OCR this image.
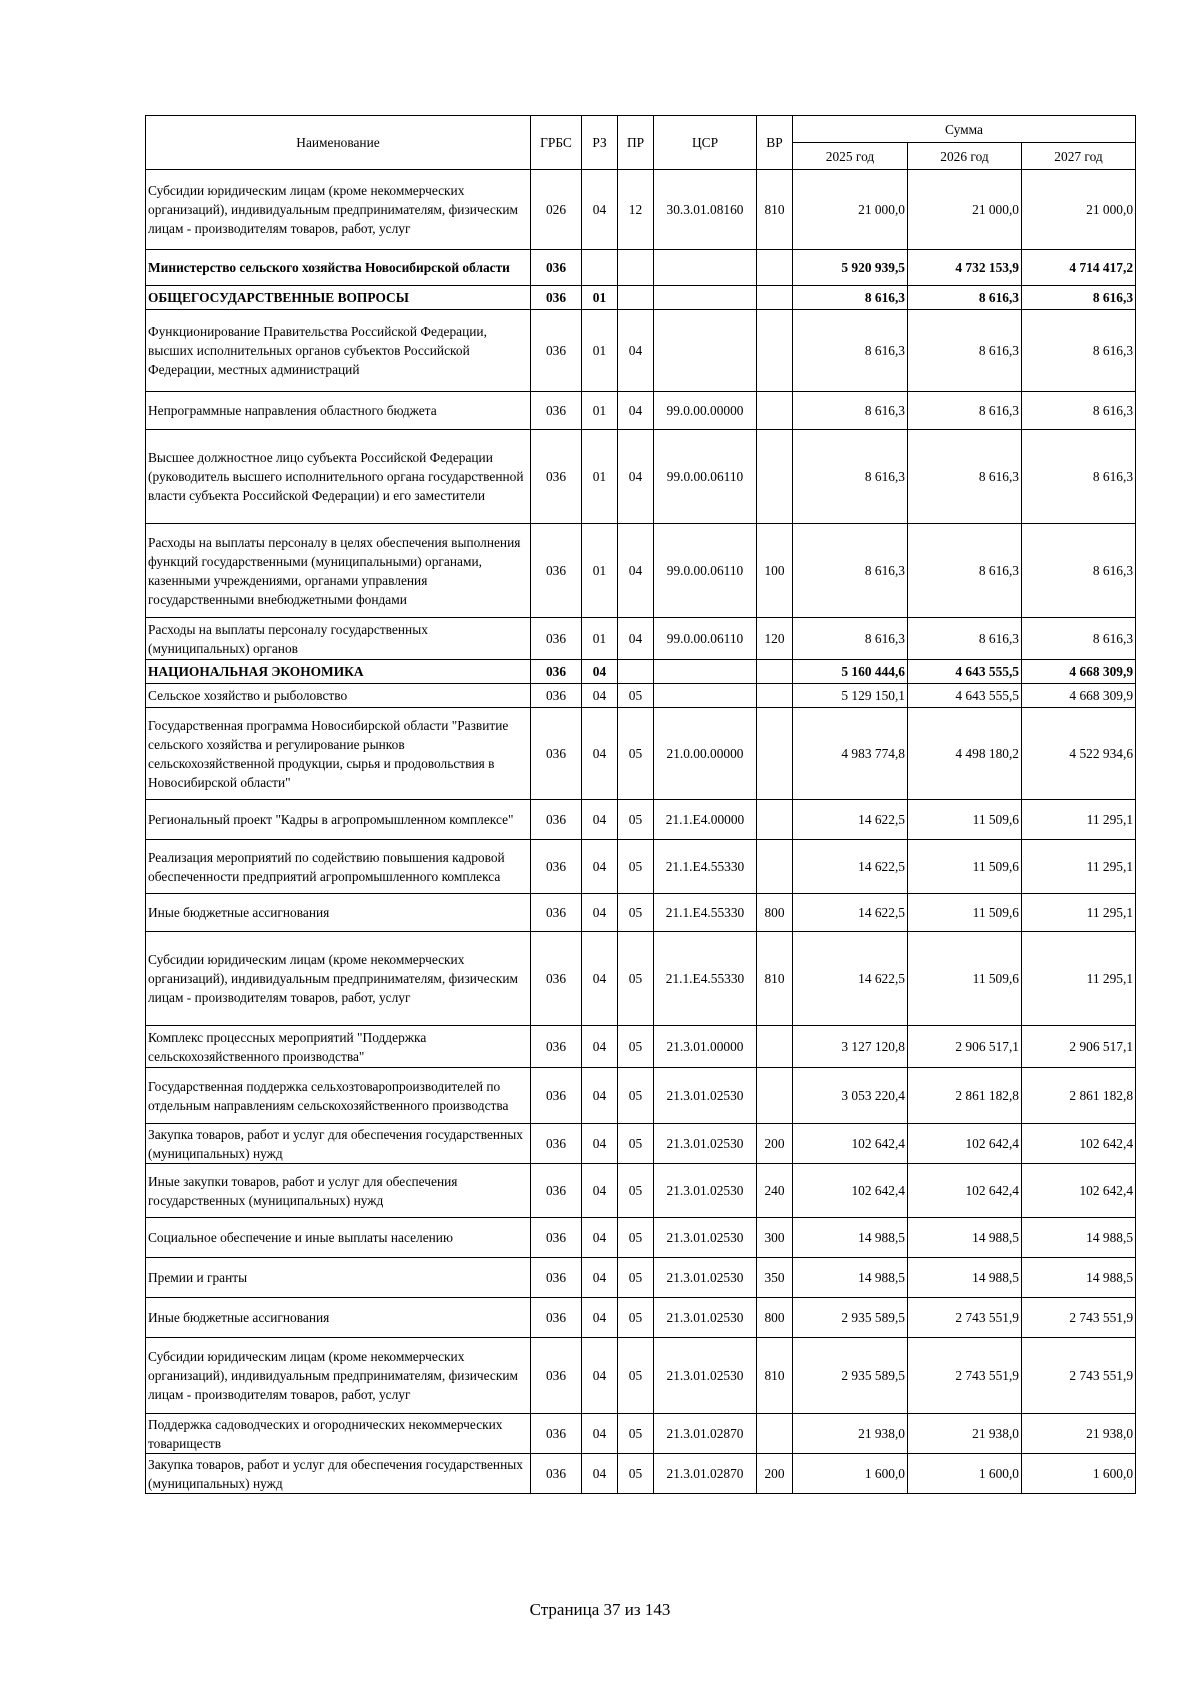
Наименование	ГРБС	РЗ	ПР	ЦСР	ВР	Сумма		
						2025 год	2026 год	2027 год
Субсидии юридическим лицам (кроме некоммерческих организаций), индивидуальным предпринимателям, физическим лицам - производителям товаров, работ, услуг	026	04	12	30.3.01.08160	810	21 000,0	21 000,0	21 000,0
Министерство сельского хозяйства Новосибирской области	036					5 920 939,5	4 732 153,9	4 714 417,2
ОБЩЕГОСУДАРСТВЕННЫЕ ВОПРОСЫ	036	01				8 616,3	8 616,3	8 616,3
Функционирование Правительства Российской Федерации, высших исполнительных органов субъектов Российской Федерации, местных администраций	036	01	04			8 616,3	8 616,3	8 616,3
Непрограммные направления областного бюджета	036	01	04	99.0.00.00000		8 616,3	8 616,3	8 616,3
Высшее должностное лицо субъекта Российской Федерации (руководитель высшего исполнительного органа государственной власти субъекта Российской Федерации) и его заместители	036	01	04	99.0.00.06110		8 616,3	8 616,3	8 616,3
Расходы на выплаты персоналу в целях обеспечения выполнения функций государственными (муниципальными) органами, казенными учреждениями, органами управления государственными внебюджетными фондами	036	01	04	99.0.00.06110	100	8 616,3	8 616,3	8 616,3
Расходы на выплаты персоналу государственных (муниципальных) органов	036	01	04	99.0.00.06110	120	8 616,3	8 616,3	8 616,3
НАЦИОНАЛЬНАЯ ЭКОНОМИКА	036	04				5 160 444,6	4 643 555,5	4 668 309,9
Сельское хозяйство и рыболовство	036	04	05			5 129 150,1	4 643 555,5	4 668 309,9
Государственная программа Новосибирской области "Развитие сельского хозяйства и регулирование рынков сельскохозяйственной продукции, сырья и продовольствия в Новосибирской области"	036	04	05	21.0.00.00000		4 983 774,8	4 498 180,2	4 522 934,6
Региональный проект "Кадры в агропромышленном комплексе"	036	04	05	21.1.Е4.00000		14 622,5	11 509,6	11 295,1
Реализация мероприятий по содействию повышения кадровой обеспеченности предприятий агропромышленного комплекса	036	04	05	21.1.Е4.55330		14 622,5	11 509,6	11 295,1
Иные бюджетные ассигнования	036	04	05	21.1.Е4.55330	800	14 622,5	11 509,6	11 295,1
Субсидии юридическим лицам (кроме некоммерческих организаций), индивидуальным предпринимателям, физическим лицам - производителям товаров, работ, услуг	036	04	05	21.1.Е4.55330	810	14 622,5	11 509,6	11 295,1
Комплекс процессных мероприятий "Поддержка сельскохозяйственного производства"	036	04	05	21.3.01.00000		3 127 120,8	2 906 517,1	2 906 517,1
Государственная поддержка сельхозтоваропроизводителей по отдельным направлениям сельскохозяйственного производства	036	04	05	21.3.01.02530		3 053 220,4	2 861 182,8	2 861 182,8
Закупка товаров, работ и услуг для обеспечения государственных (муниципальных) нужд	036	04	05	21.3.01.02530	200	102 642,4	102 642,4	102 642,4
Иные закупки товаров, работ и услуг для обеспечения государственных (муниципальных) нужд	036	04	05	21.3.01.02530	240	102 642,4	102 642,4	102 642,4
Социальное обеспечение и иные выплаты населению	036	04	05	21.3.01.02530	300	14 988,5	14 988,5	14 988,5
Премии и гранты	036	04	05	21.3.01.02530	350	14 988,5	14 988,5	14 988,5
Иные бюджетные ассигнования	036	04	05	21.3.01.02530	800	2 935 589,5	2 743 551,9	2 743 551,9
Субсидии юридическим лицам (кроме некоммерческих организаций), индивидуальным предпринимателям, физическим лицам - производителям товаров, работ, услуг	036	04	05	21.3.01.02530	810	2 935 589,5	2 743 551,9	2 743 551,9
Поддержка садоводческих и огороднических некоммерческих товариществ	036	04	05	21.3.01.02870		21 938,0	21 938,0	21 938,0
Закупка товаров, работ и услуг для обеспечения государственных (муниципальных) нужд	036	04	05	21.3.01.02870	200	1 600,0	1 600,0	1 600,0
Страница 37 из 143
